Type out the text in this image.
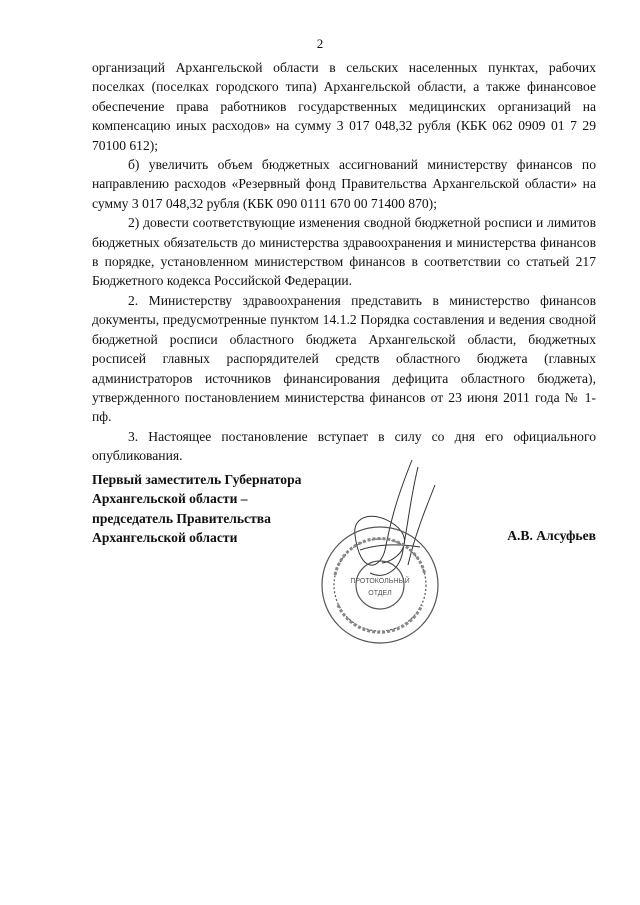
2

организаций Архангельской области в сельских населенных пунктах, рабочих поселках (поселках городского типа) Архангельской области, а также финансовое обеспечение права работников государственных медицинских организаций на компенсацию иных расходов» на сумму 3 017 048,32 рубля (КБК 062 0909 01 7 29 70100 612);

б) увеличить объем бюджетных ассигнований министерству финансов по направлению расходов «Резервный фонд Правительства Архангельской области» на сумму 3 017 048,32 рубля (КБК 090 0111 670 00 71400 870);

2) довести соответствующие изменения сводной бюджетной росписи и лимитов бюджетных обязательств до министерства здравоохранения и министерства финансов в порядке, установленном министерством финансов в соответствии со статьей 217 Бюджетного кодекса Российской Федерации.

2. Министерству здравоохранения представить в министерство финансов документы, предусмотренные пунктом 14.1.2 Порядка составления и ведения сводной бюджетной росписи областного бюджета Архангельской области, бюджетных росписей главных распорядителей средств областного бюджета (главных администраторов источников финансирования дефицита областного бюджета), утвержденного постановлением министерства финансов от 23 июня 2011 года № 1-пф.

3. Настоящее постановление вступает в силу со дня его официального опубликования.

Первый заместитель Губернатора
Архангельской области –
председатель Правительства
Архангельской области
ПРОТОКОЛЬНЫЙ
ОТДЕЛ
А.В. Алсуфьев
